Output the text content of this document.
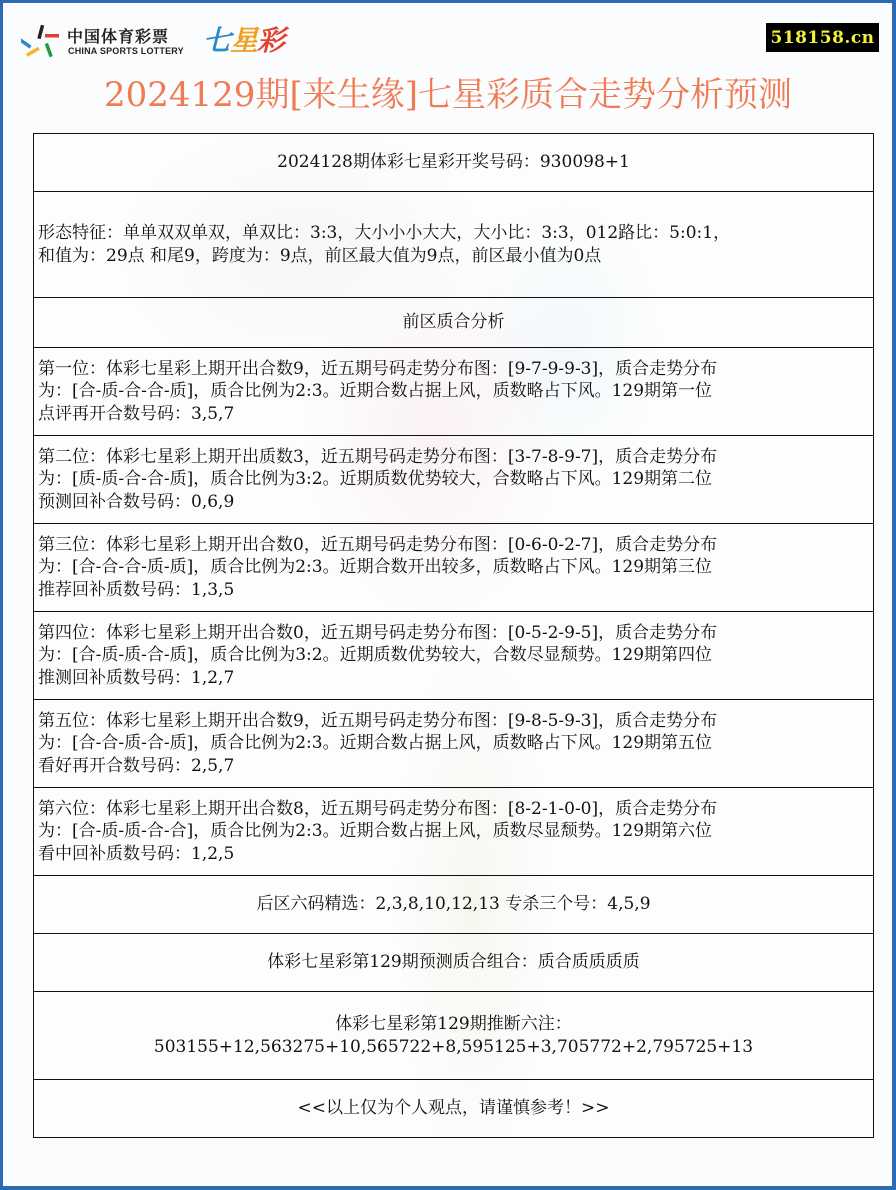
中国体育彩票
CHINA SPORTS LOTTERY 七星彩	518158.cn
2024129期[来生缘]七星彩质合走势分析预测
2024128期体彩七星彩开奖号码：930098+1

形态特征：单单双双单双，单双比：3:3，大小小小大大，大小比：3:3，012路比：5:0:1，
和值为：29点 和尾9，跨度为：9点，前区最大值为9点，前区最小值为0点

前区质合分析

第一位：体彩七星彩上期开出合数9，近五期号码走势分布图：[9-7-9-9-3]，质合走势分布
为：[合-质-合-合-质]，质合比例为2:3。近期合数占据上风，质数略占下风。129期第一位
点评再开合数号码：3,5,7

第二位：体彩七星彩上期开出质数3，近五期号码走势分布图：[3-7-8-9-7]，质合走势分布
为：[质-质-合-合-质]，质合比例为3:2。近期质数优势较大，合数略占下风。129期第二位
预测回补合数号码：0,6,9

第三位：体彩七星彩上期开出合数0，近五期号码走势分布图：[0-6-0-2-7]，质合走势分布
为：[合-合-合-质-质]，质合比例为2:3。近期合数开出较多，质数略占下风。129期第三位
推荐回补质数号码：1,3,5

第四位：体彩七星彩上期开出合数0，近五期号码走势分布图：[0-5-2-9-5]，质合走势分布
为：[合-质-质-合-质]，质合比例为3:2。近期质数优势较大，合数尽显颓势。129期第四位
推测回补质数号码：1,2,7

第五位：体彩七星彩上期开出合数9，近五期号码走势分布图：[9-8-5-9-3]，质合走势分布
为：[合-合-质-合-质]，质合比例为2:3。近期合数占据上风，质数略占下风。129期第五位
看好再开合数号码：2,5,7

第六位：体彩七星彩上期开出合数8，近五期号码走势分布图：[8-2-1-0-0]，质合走势分布
为：[合-质-质-合-合]，质合比例为2:3。近期合数占据上风，质数尽显颓势。129期第六位
看中回补质数号码：1,2,5

后区六码精选：2,3,8,10,12,13 专杀三个号：4,5,9
体彩七星彩第129期预测质合组合：质合质质质质

体彩七星彩第129期推断六注：
503155+12,563275+10,565722+8,595125+3,705772+2,795725+13

<<以上仅为个人观点，请谨慎参考！>>
